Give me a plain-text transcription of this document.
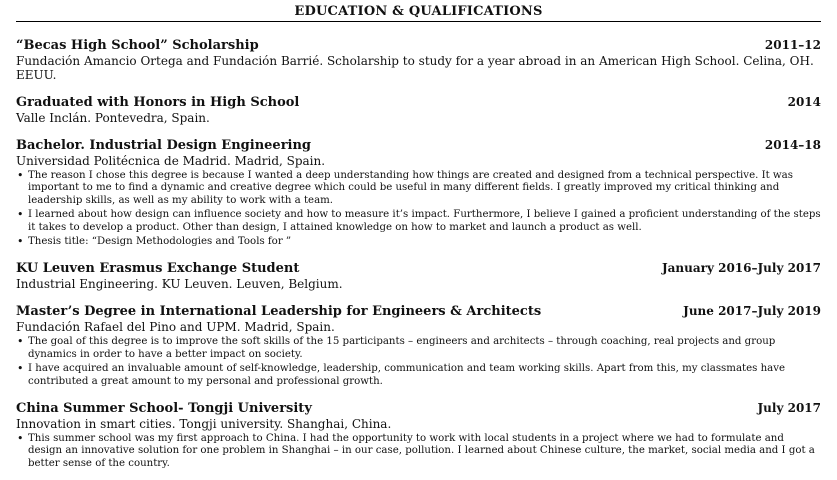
EDUCATION & QUALIFICATIONS
“Becas High School” Scholarship	2011–12
Fundación Amancio Ortega and Fundación Barrié. Scholarship to study for a year abroad in an American High School. Celina, OH. EEUU.
Graduated with Honors in High School	2014
Valle Inclán. Pontevedra, Spain.
Bachelor. Industrial Design Engineering	2014–18
Universidad Politécnica de Madrid. Madrid, Spain.
• The reason I chose this degree is because I wanted a deep understanding how things are created and designed from a technical perspective. It was important to me to find a dynamic and creative degree which could be useful in many different fields. I greatly improved my critical thinking and leadership skills, as well as my ability to work with a team.
• I learned about how design can influence society and how to measure it’s impact. Furthermore, I believe I gained a proficient understanding of the steps it takes to develop a product. Other than design, I attained knowledge on how to market and launch a product as well.
• Thesis title: “Design Methodologies and Tools for ”
KU Leuven Erasmus Exchange Student	January 2016–July 2017
Industrial Engineering. KU Leuven. Leuven, Belgium.
Master’s Degree in International Leadership for Engineers & Architects	June 2017–July 2019
Fundación Rafael del Pino and UPM. Madrid, Spain.
• The goal of this degree is to improve the soft skills of the 15 participants – engineers and architects – through coaching, real projects and group dynamics in order to have a better impact on society.
• I have acquired an invaluable amount of self-knowledge, leadership, communication and team working skills. Apart from this, my classmates have contributed a great amount to my personal and professional growth.
China Summer School- Tongji University	July 2017
Innovation in smart cities. Tongji university. Shanghai, China.
• This summer school was my first approach to China. I had the opportunity to work with local students in a project where we had to formulate and design an innovative solution for one problem in Shanghai – in our case, pollution. I learned about Chinese culture, the market, social media and I got a better sense of the country.
